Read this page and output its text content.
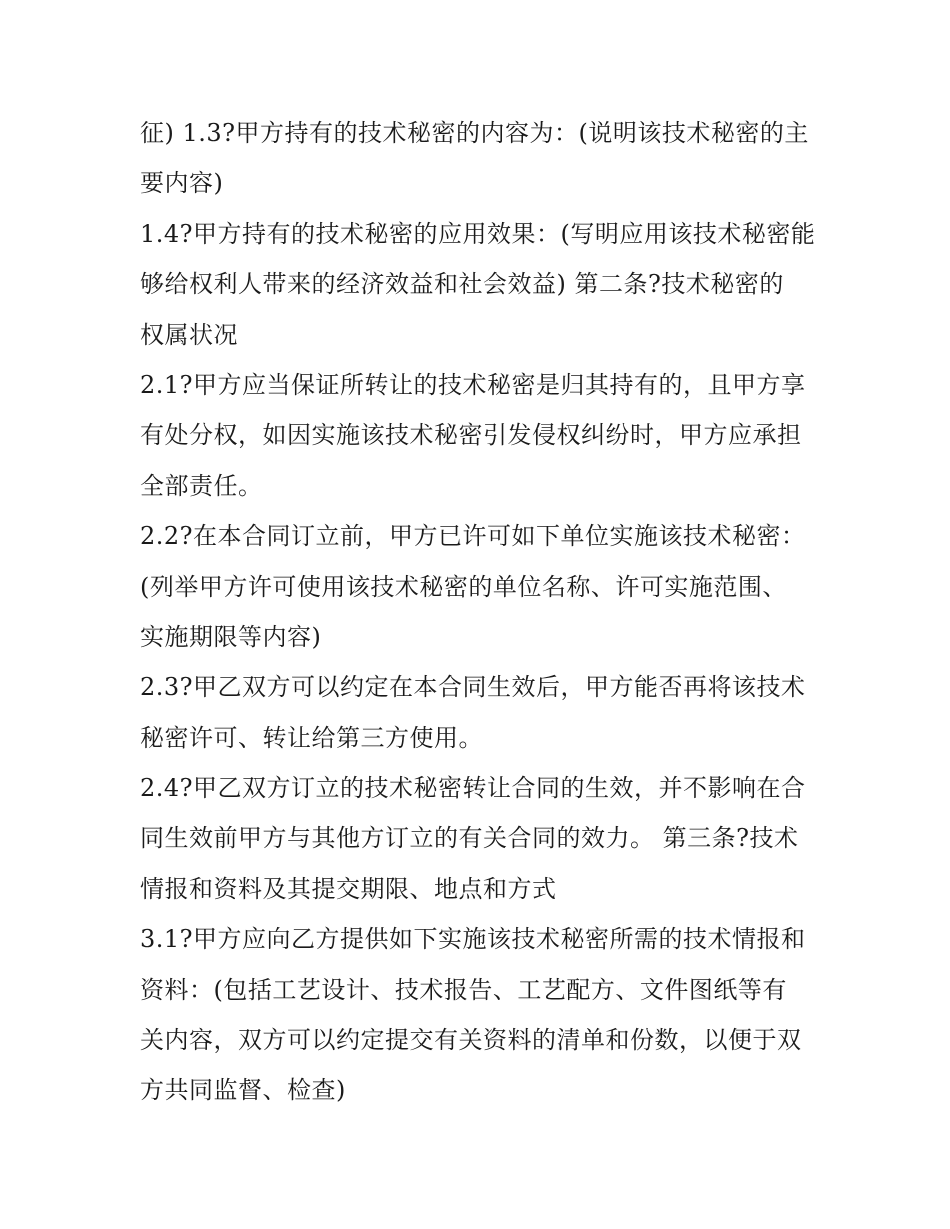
征) 1.3?甲方持有的技术秘密的内容为：(说明该技术秘密的主
要内容)
1.4?甲方持有的技术秘密的应用效果：(写明应用该技术秘密能
够给权利人带来的经济效益和社会效益) 第二条?技术秘密的
权属状况
2.1?甲方应当保证所转让的技术秘密是归其持有的，且甲方享
有处分权，如因实施该技术秘密引发侵权纠纷时，甲方应承担
全部责任。
2.2?在本合同订立前，甲方已许可如下单位实施该技术秘密：
(列举甲方许可使用该技术秘密的单位名称、许可实施范围、
实施期限等内容)
2.3?甲乙双方可以约定在本合同生效后，甲方能否再将该技术
秘密许可、转让给第三方使用。
2.4?甲乙双方订立的技术秘密转让合同的生效，并不影响在合
同生效前甲方与其他方订立的有关合同的效力。 第三条?技术
情报和资料及其提交期限、地点和方式
3.1?甲方应向乙方提供如下实施该技术秘密所需的技术情报和
资料：(包括工艺设计、技术报告、工艺配方、文件图纸等有
关内容，双方可以约定提交有关资料的清单和份数，以便于双
方共同监督、检查)
